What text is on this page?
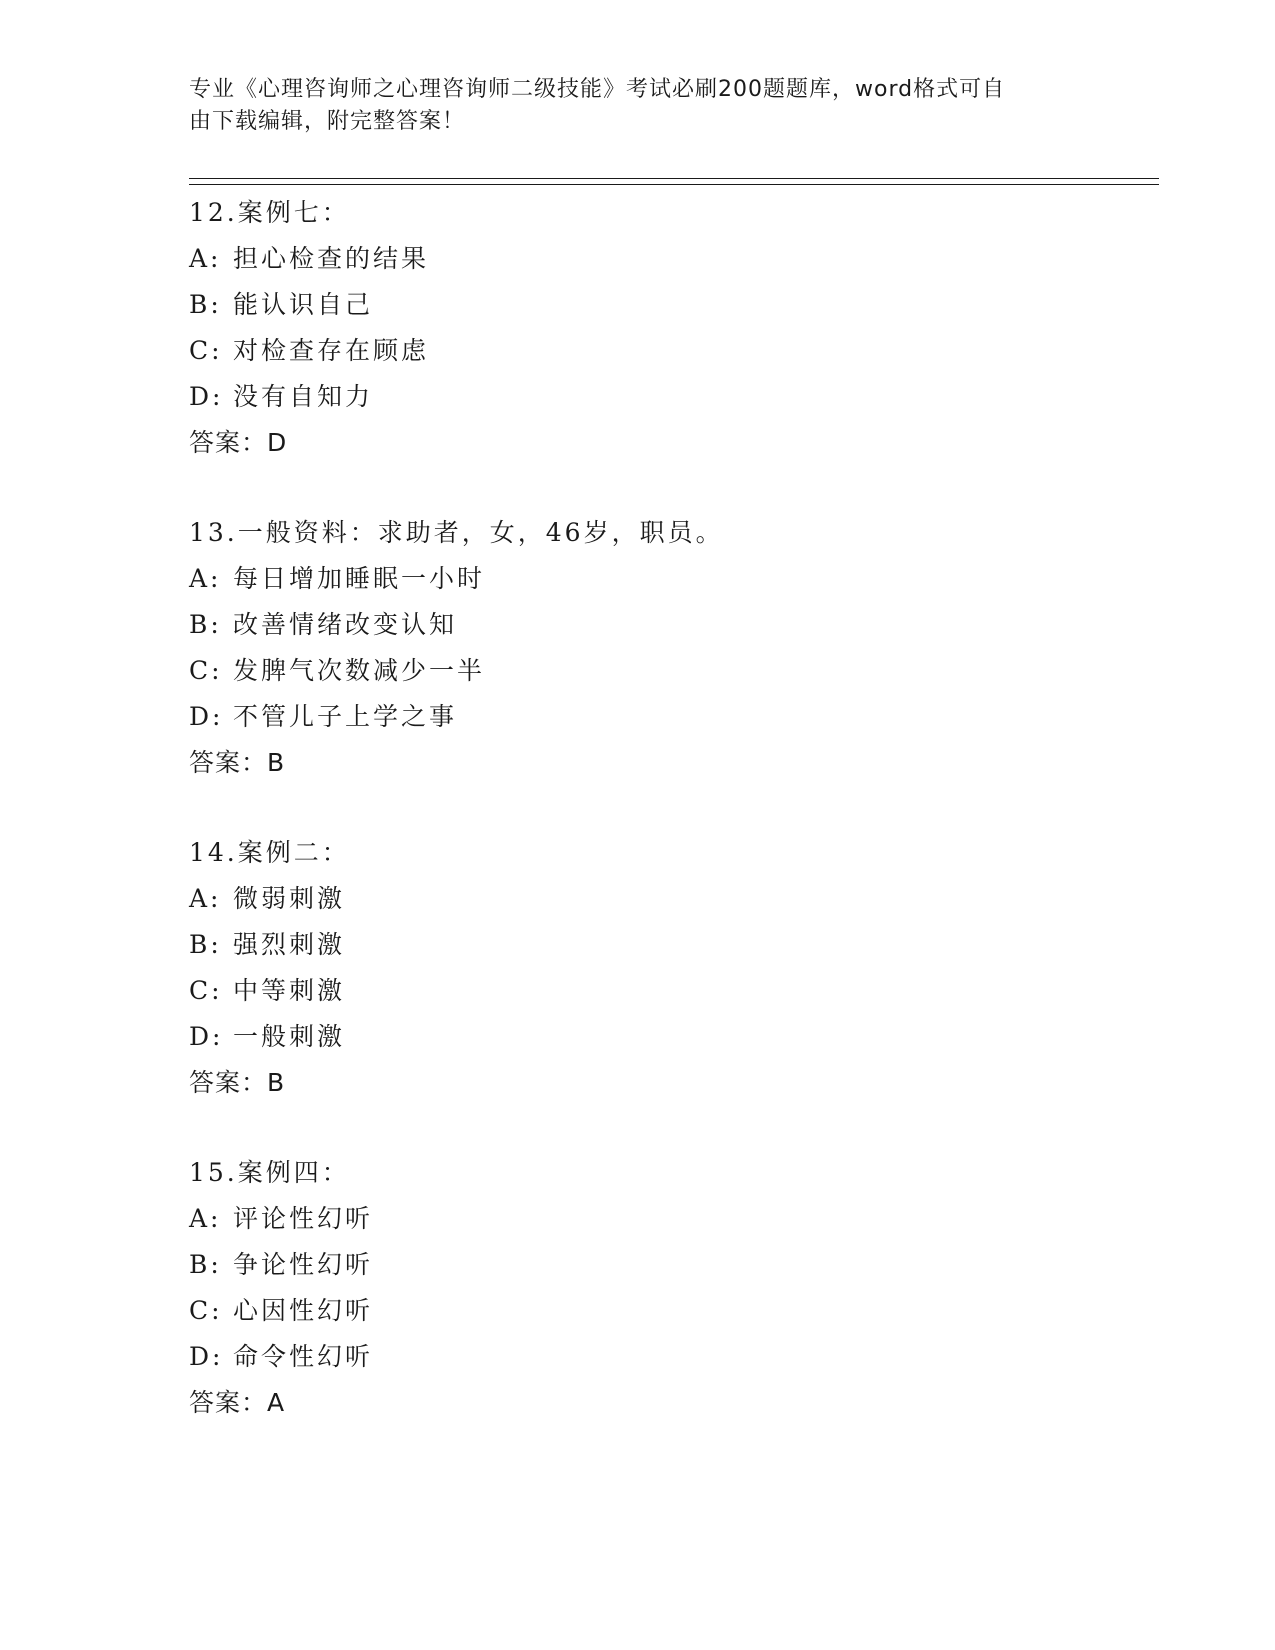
专业《心理咨询师之心理咨询师二级技能》考试必刷200题题库，word格式可自
由下载编辑，附完整答案！
12.案例七：
A: 担心检查的结果
B: 能认识自己
C: 对检查存在顾虑
D: 没有自知力
答案：D
13.一般资料：求助者，女，46岁，职员。
A: 每日增加睡眠一小时
B: 改善情绪改变认知
C: 发脾气次数减少一半
D: 不管儿子上学之事
答案：B
14.案例二：
A: 微弱刺激
B: 强烈刺激
C: 中等刺激
D: 一般刺激
答案：B
15.案例四：
A: 评论性幻听
B: 争论性幻听
C: 心因性幻听
D: 命令性幻听
答案：A
